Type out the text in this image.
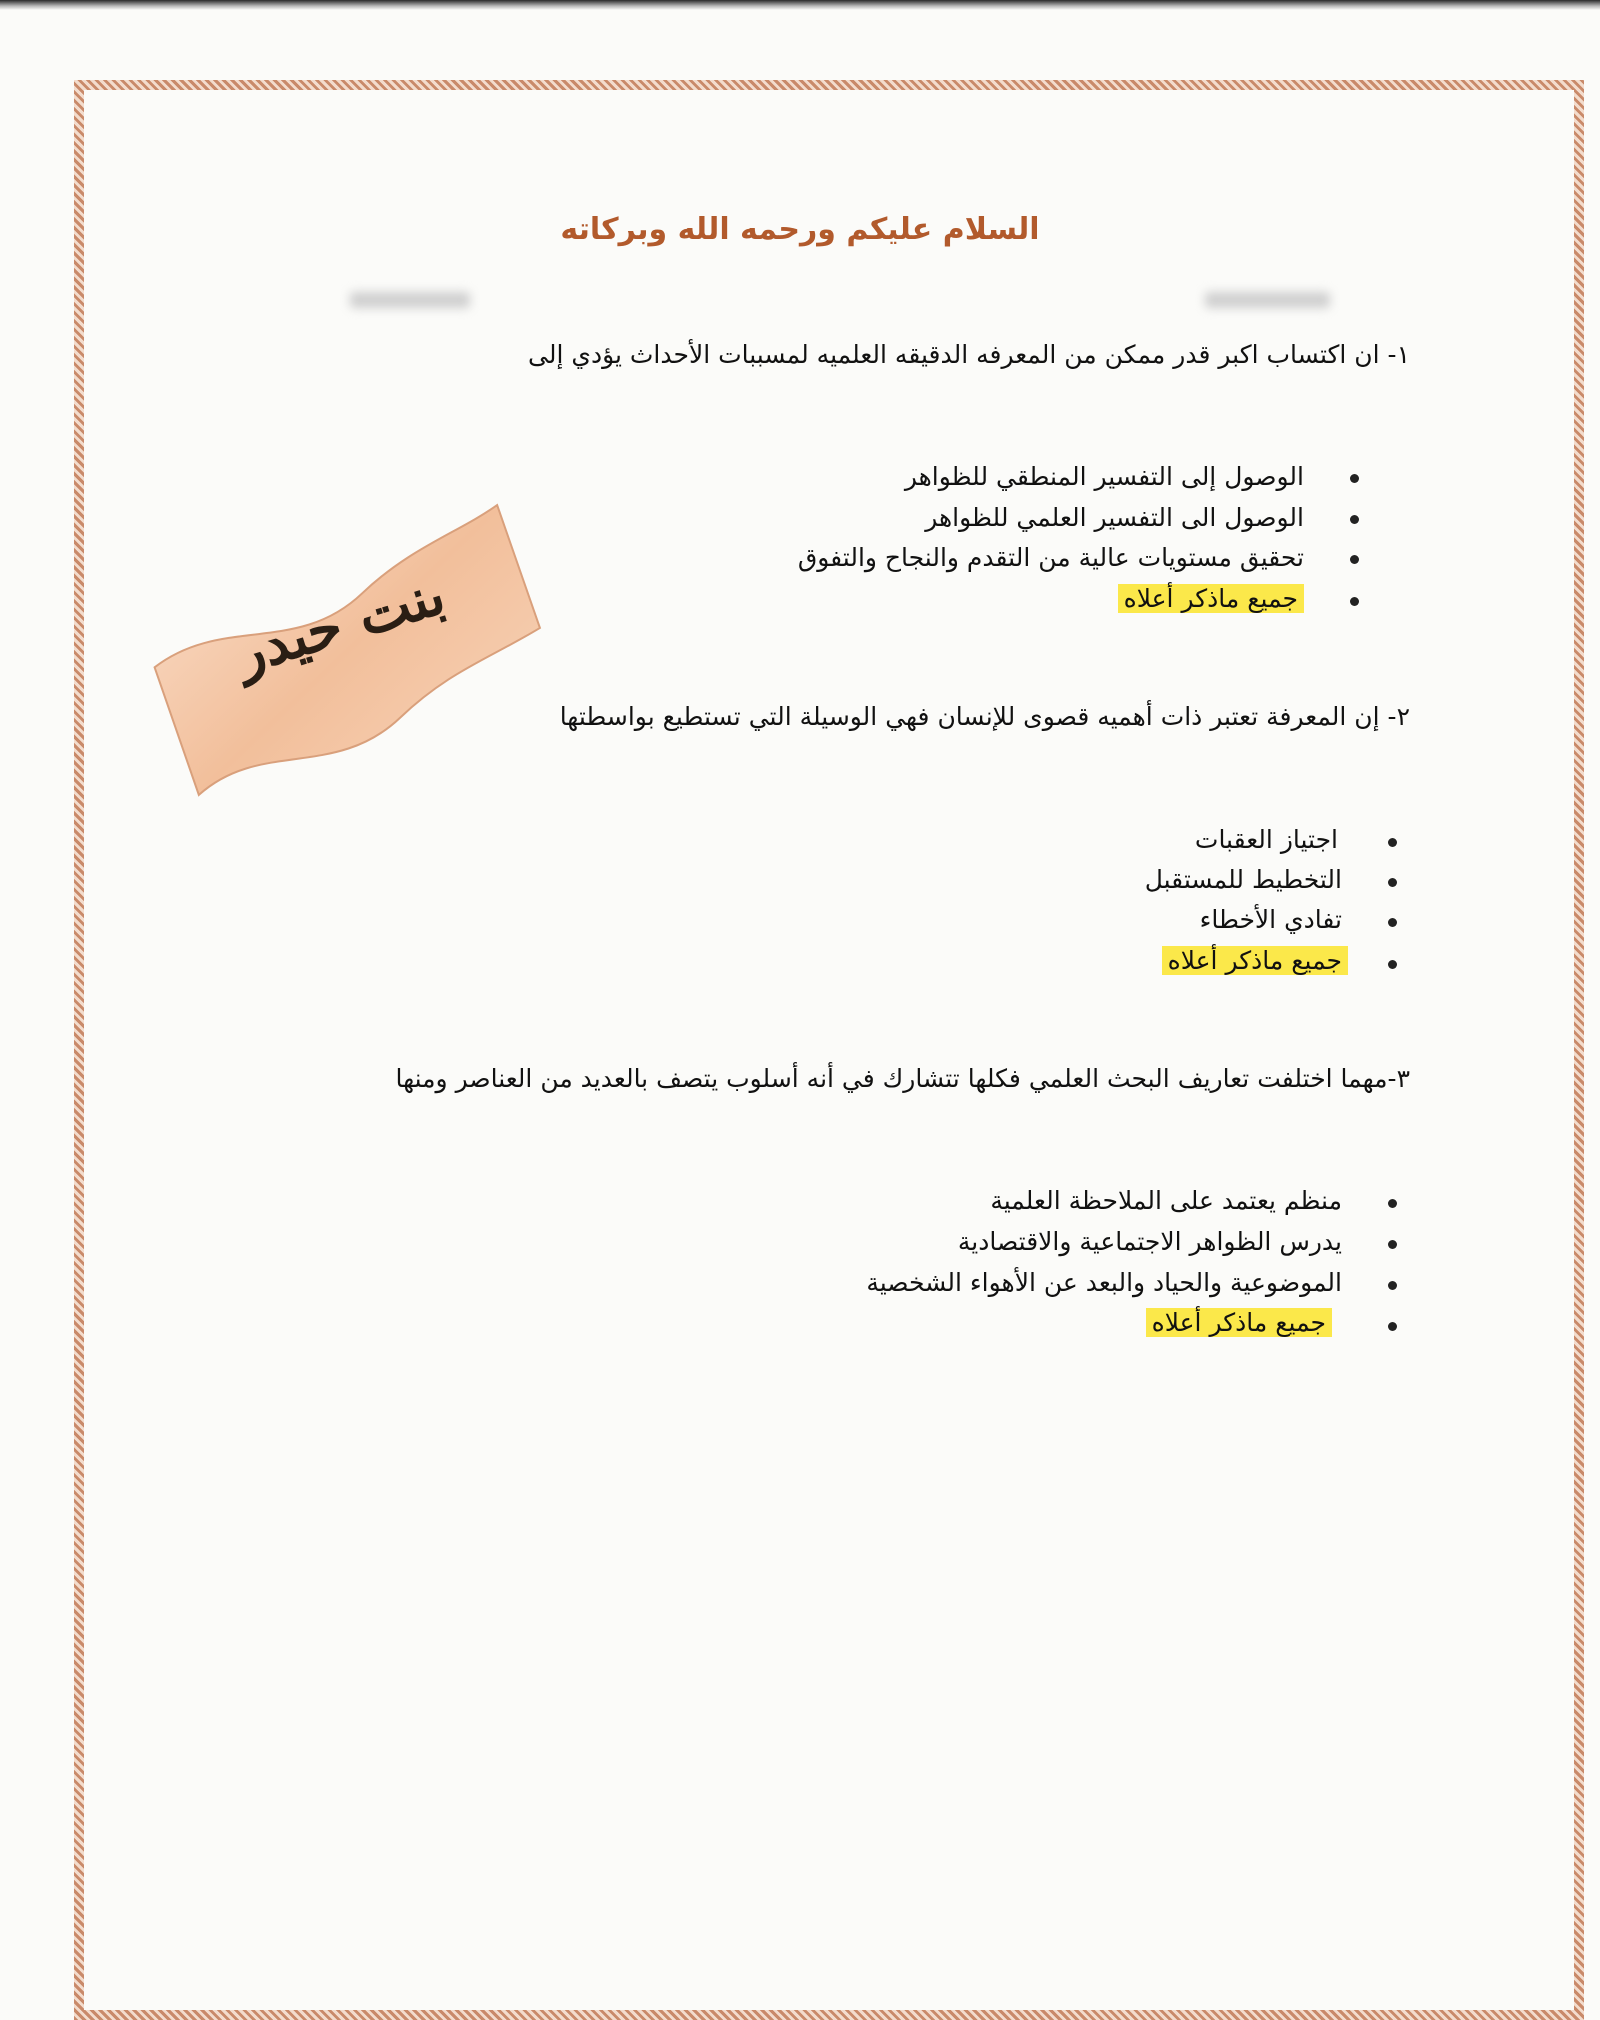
السلام عليكم ورحمه الله وبركاته
١- ان اكتساب اكبر قدر ممكن من المعرفه الدقيقه العلميه لمسببات الأحداث يؤدي إلى
الوصول إلى التفسير المنطقي للظواهر
الوصول الى التفسير العلمي للظواهر
تحقيق مستويات عالية من التقدم والنجاح والتفوق
جميع ماذكر أعلاه
٢- إن المعرفة تعتبر ذات أهميه قصوى للإنسان فهي الوسيلة التي تستطيع بواسطتها
اجتياز العقبات
التخطيط للمستقبل
تفادي الأخطاء
جميع ماذكر أعلاه
٣-مهما اختلفت تعاريف البحث العلمي فكلها تتشارك في أنه أسلوب يتصف بالعديد من العناصر ومنها
منظم يعتمد على الملاحظة العلمية
يدرس الظواهر الاجتماعية والاقتصادية
الموضوعية والحياد والبعد عن الأهواء الشخصية
جميع ماذكر أعلاه
بنت حيدر
